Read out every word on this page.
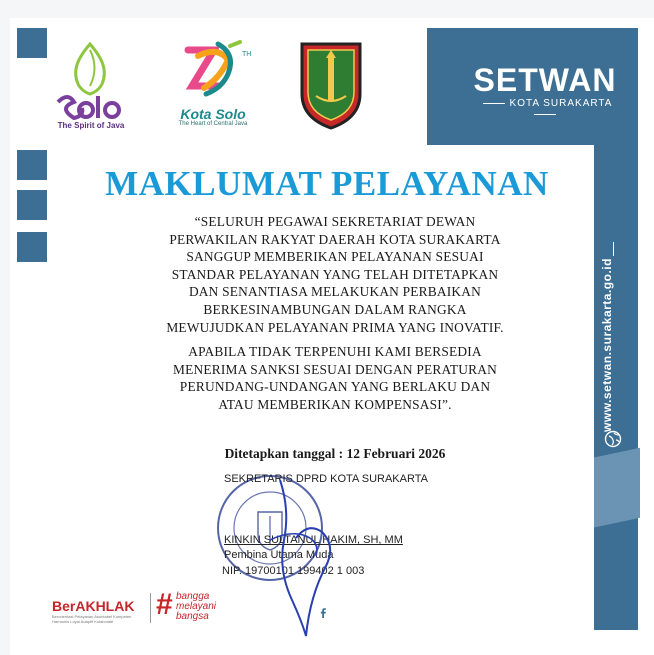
The Spirit of Java
TH
Kota Solo
The Heart of Central Java
SETWAN
KOTA SURAKARTA
www.setwan.surakarta.go.id
MAKLUMAT PELAYANAN
“SELURUH PEGAWAI SEKRETARIAT DEWAN
PERWAKILAN RAKYAT DAERAH KOTA SURAKARTA
SANGGUP MEMBERIKAN PELAYANAN SESUAI
STANDAR PELAYANAN YANG TELAH DITETAPKAN
DAN SENANTIASA MELAKUKAN PERBAIKAN
BERKESINAMBUNGAN DALAM RANGKA
MEWUJUDKAN PELAYANAN PRIMA YANG INOVATIF.
APABILA TIDAK TERPENUHI KAMI BERSEDIA
MENERIMA SANKSI SESUAI DENGAN PERATURAN
PERUNDANG-UNDANGAN YANG BERLAKU DAN
ATAU MEMBERIKAN KOMPENSASI”.
Ditetapkan tanggal : 12 Februari 2026
SEKRETARIS DPRD KOTA SURAKARTA
KINKIN SULTANUL HAKIM, SH, MM
Pembina Utama Muda
NIP. 19700101 199402 1 003
BerAKHLAK
Berorientasi Pelayanan Akuntabel Kompeten Harmonis Loyal Adaptif Kolaboratif
# bangga
melayani
bangsa	Setwan Surakarta	setwansurakarta
